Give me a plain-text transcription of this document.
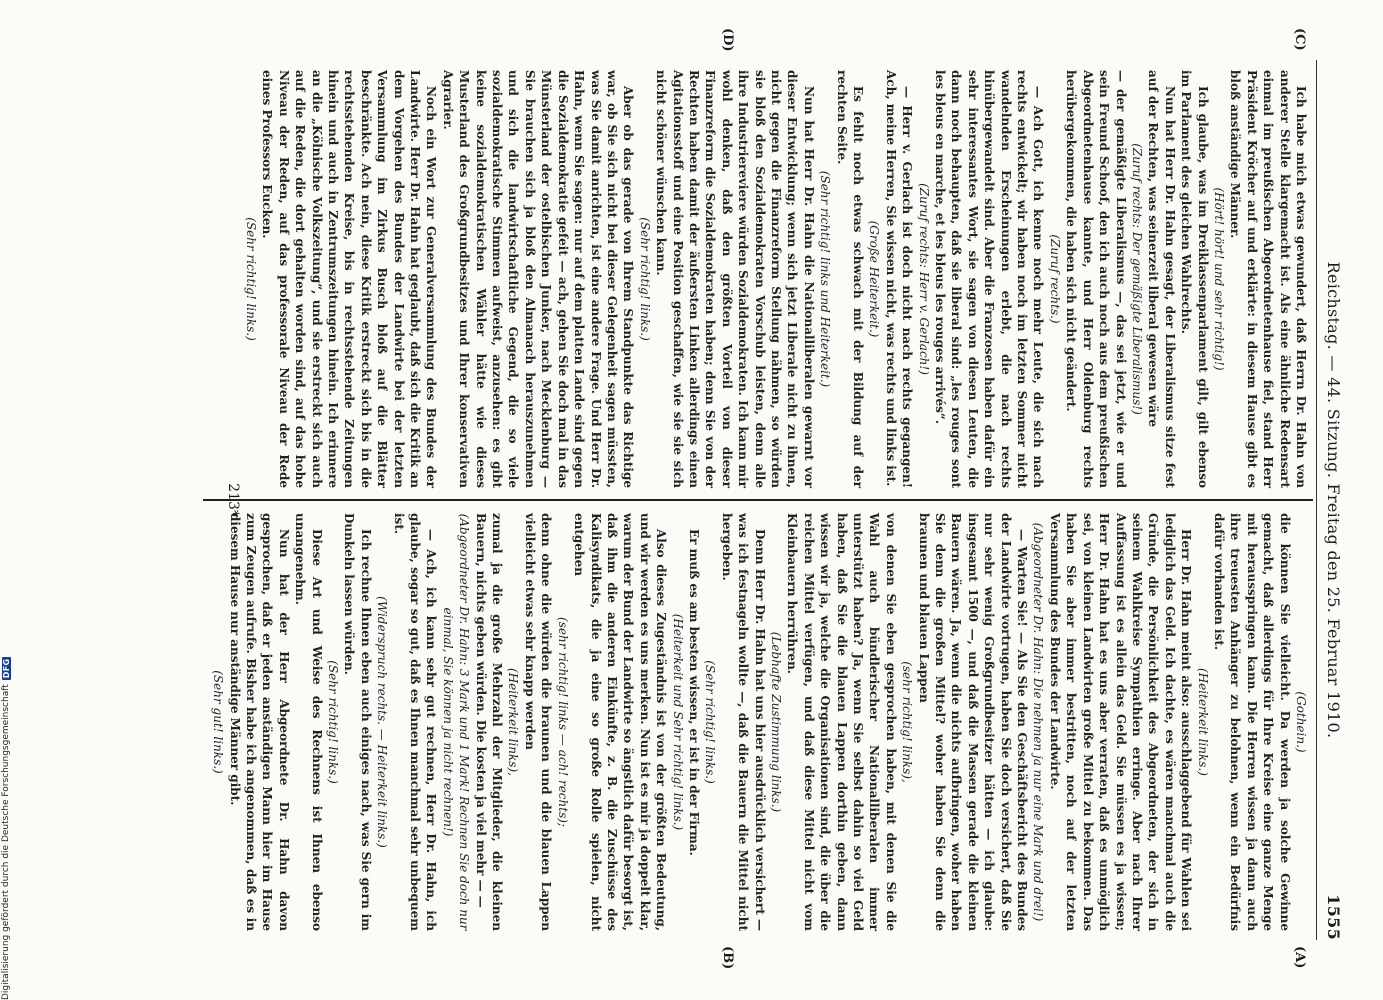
1555
Reichstag. — 44. Sitzung. Freitag den 25. Februar 1910.

(Gothein.)

die können Sie vielleicht. Da werden ja solche Gewinne gemacht, daß allerdings für Ihre Kreise eine ganze Menge mit herausspringen kann. Die Herren wissen ja dann auch ihre treuesten Anhänger zu belohnen, wenn ein Bedürfnis dafür vorhanden ist.

(Heiterkeit links.)

Herr Dr. Hahn meint also: ausschlaggebend für Wahlen sei lediglich das Geld. Ich dachte, es wären manchmal auch die Gründe, die Persönlichkeit des Abgeordneten, der sich in seinem Wahlkreise Sympathien erringe. Aber nach Ihrer Auffassung ist es allein das Geld. Sie müssen es ja wissen; Herr Dr. Hahn hat es uns aber verraten, daß es unmöglich sei, von kleinen Landwirten große Mittel zu bekommen. Das haben Sie aber immer bestritten, noch auf der letzten Versammlung des Bundes der Landwirte.

(Abgeordneter Dr. Hahn: Die nehmen ja nur eine Mark und drei!)

— Warten Sie! — Als Sie den Geschäftsbericht des Bundes der Landwirte vortrugen, haben Sie doch versichert, daß Sie nur sehr wenig Großgrundbesitzer hätten — ich glaube: insgesamt 1500 —, und daß die Massen gerade die kleinen Bauern wären. Ja, wenn die nichts aufbringen, woher haben Sie denn die großen Mittel? woher haben Sie denn die braunen und blauen Lappen

(sehr richtig! links),

von denen Sie eben gesprochen haben, mit denen Sie die Wahl auch bündlerischer Nationalliberalen immer unterstützt haben? Ja, wenn Sie selbst dahin so viel Geld haben, daß Sie die blauen Lappen dorthin geben, dann wissen wir ja, welche die Organisationen sind, die über die reichen Mittel verfügen, und daß diese Mittel nicht vom Kleinbauern herrühren.

(Lebhafte Zustimmung links.)

Denn Herr Dr. Hahn hat uns hier ausdrücklich versichert — was ich festnageln wollte —, daß die Bauern die Mittel nicht hergeben.

(Sehr richtig! links.)

Er muß es am besten wissen, er ist in der Firma.

(Heiterkeit und Sehr richtig! links.)

Also dieses Zugeständnis ist von der größten Bedeutung, und wir werden es uns merken. Nun ist es mir ja doppelt klar, warum der Bund der Landwirte so ängstlich dafür besorgt ist, daß ihm die anderen Einkünfte, z. B. die Zuschüsse des Kalisyndikats, die ja eine so große Rolle spielen, nicht entgehen

(sehr richtig! links — ach! rechts);

denn ohne die würden die braunen und die blauen Lappen vielleicht etwas sehr knapp werden

(Heiterkeit links),

zumal ja die große Mehrzahl der Mitglieder, die kleinen Bauern, nichts geben würden. Die kosten ja viel mehr — —

(Abgeordneter Dr. Hahn: 3 Mark und 1 Mark! Rechnen Sie doch nur einmal, Sie können ja nicht rechnen!)

— Ach, ich kann sehr gut rechnen, Herr Dr. Hahn, ich glaube, sogar so gut, daß es Ihnen manchmal sehr unbequem ist.

(Widerspruch rechts. — Heiterkeit links.)

Ich rechne Ihnen eben auch einiges nach, was Sie gern im Dunkeln lassen würden.

(Sehr richtig! links.)

Diese Art und Weise des Rechnens ist Ihnen ebenso unangenehm.

Nun hat der Herr Abgeordnete Dr. Hahn davon gesprochen, daß er jeden anständigen Mann hier im Hause zum Zeugen aufrufe. Bisher habe ich angenommen, daß es in diesem Hause nur anständige Männer gibt.

(Sehr gut! links.)

Ich habe mich etwas gewundert, daß Herrn Dr. Hahn von anderer Stelle klargemacht ist. Als eine ähnliche Redensart einmal im preußischen Abgeordnetenhause fiel, stand Herr Präsident Kröcher auf und erklärte: in diesem Hause gibt es bloß anständige Männer.

(Hört! hört! und sehr richtig!)

Ich glaube, was im Dreiklassenparlament gilt, gilt ebenso im Parlament des gleichen Wahlrechts.

Nun hat Herr Dr. Hahn gesagt, der Liberalismus sitze fest auf der Rechten, was seinerzeit liberal gewesen wäre

(Zuruf rechts: Der gemäßigte Liberalismus!)

— der gemäßigte Liberalismus —, das sei jetzt, wie er und sein Freund Schoof, den ich auch noch aus dem preußischen Abgeordnetenhause kannte, und Herr Oldenburg rechts herübergekommen, die haben sich nicht geändert.

(Zuruf rechts.)

— Ach Gott, ich kenne noch mehr Leute, die sich nach rechts entwickelt; wir haben noch im letzten Sommer nicht wandelnden Erscheinungen erlebt, die nach rechts hinübergewandelt sind. Aber die Franzosen haben dafür ein sehr interessantes Wort, sie sagen von diesen Leuten, die dann noch behaupten, daß sie liberal sind: „les rouges sont les bleus en marche, et les bleus les rouges arrivés“.

(Zuruf rechts: Herr v. Gerlach!)

— Herr v. Gerlach ist doch nicht nach rechts gegangen! Ach, meine Herren, Sie wissen nicht, was rechts und links ist.

(Große Heiterkeit.)

Es fehlt noch etwas schwach mit der Bildung auf der rechten Seite.

(Sehr richtig! links und Heiterkeit.)

Nun hat Herr Dr. Hahn die Nationalliberalen gewarnt vor dieser Entwicklung; wenn sich jetzt Liberale nicht zu ihnen, nicht gegen die Finanzreform Stellung nähmen, so würden sie bloß den Sozialdemokraten Vorschub leisten, denn alle ihre Industriereviere würden Sozialdemokraten. Ich kann mir wohl denken, daß den größten Vorteil von dieser Finanzreform die Sozialdemokraten haben; denn Sie von der Rechten haben damit der äußersten Linken allerdings einen Agitationsstoff und eine Position geschaffen, wie sie sie sich nicht schöner wünschen kann.

(Sehr richtig! links.)

Aber ob das gerade von Ihrem Standpunkte das Richtige war, ob Sie sich nicht bei dieser Gelegenheit sagen müssten, was Sie damit anrichten, ist eine andere Frage. Und Herr Dr. Hahn, wenn Sie sagen: nur auf dem platten Lande sind gegen die Sozialdemokratie gefeit — ach, gehen Sie doch mal in das Münsterland der ostelbischen Junker, nach Mecklenburg — Sie brauchen sich ja bloß den Almanach herauszunehmen und sich die landwirtschaftliche Gegend, die so viele sozialdemokratische Stimmen aufweist, anzusehen: es gibt keine sozialdemokratischen Wähler hätte wie dieses Musterland des Großgrundbesitzes und Ihrer konservativen Agrarier.

Noch ein Wort zur Generalversammlung des Bundes der Landwirte. Herr Dr. Hahn hat geglaubt, daß sich die Kritik an dem Vorgehen des Bundes der Landwirte bei der letzten Versammlung im Zirkus Busch bloß auf die Blätter beschränkte. Ach nein, diese Kritik erstreckt sich bis in die rechtsstehenden Kreise, bis in rechtsstehende Zeitungen hinein und auch in Zentrumszeitungen hinein. Ich erinnere an die „Kölnische Volkszeitung“, und sie erstreckt sich auch auf die Reden, die dort gehalten worden sind, auf das hohe Niveau der Reden, auf das professorale Niveau der Rede eines Professors Eucken.

(Sehr richtig! links.)

(A)
(B)
(C)
(D)
213*
Digitalisierung gefördert durch die Deutsche Forschungsgemeinschaft
DFG
